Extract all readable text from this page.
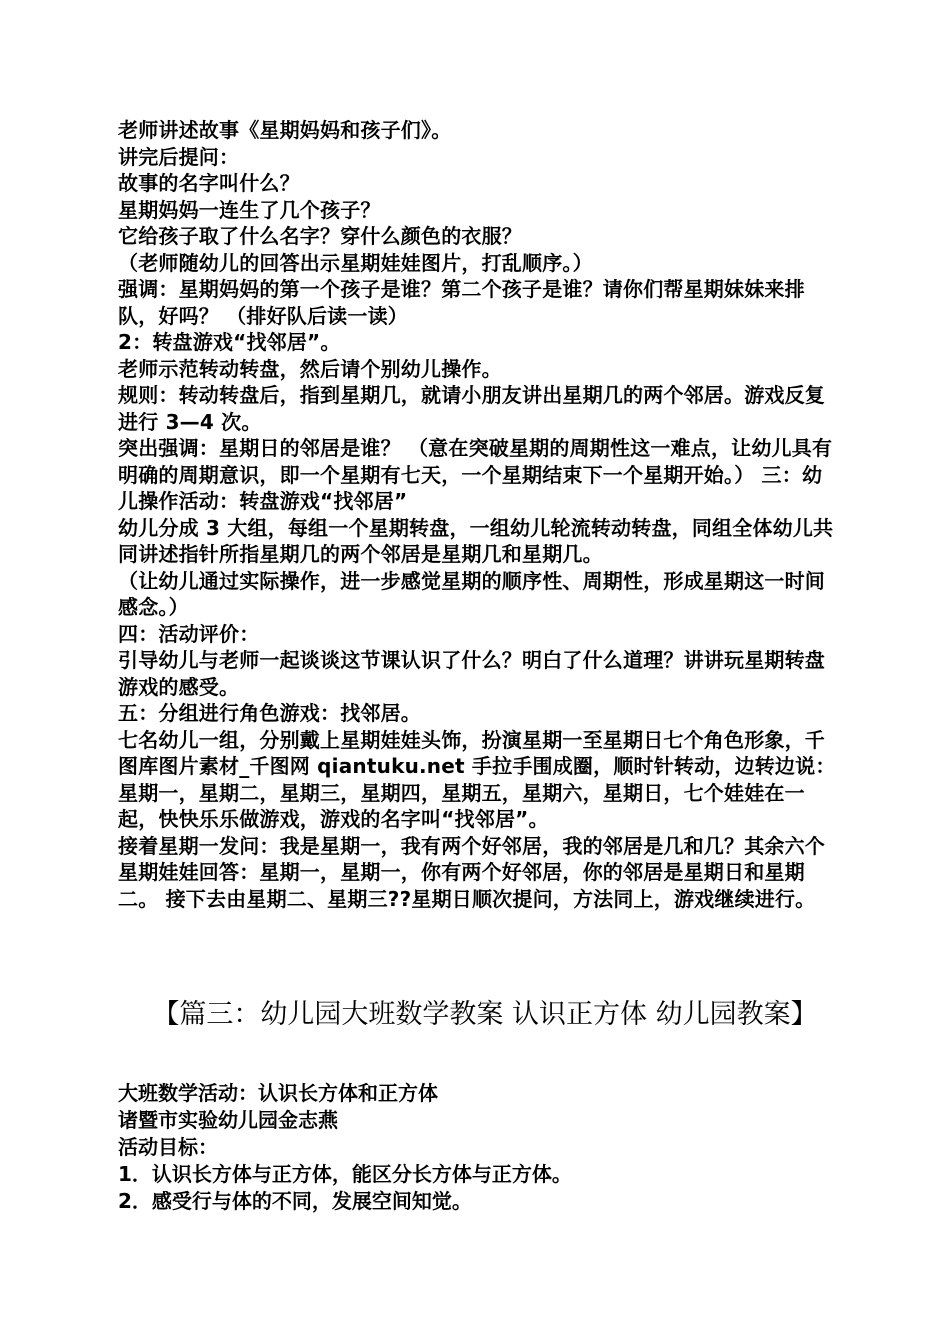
老师讲述故事《星期妈妈和孩子们》。

讲完后提问：

故事的名字叫什么？

星期妈妈一连生了几个孩子？

它给孩子取了什么名字？穿什么颜色的衣服？

（老师随幼儿的回答出示星期娃娃图片，打乱顺序。）

强调：星期妈妈的第一个孩子是谁？第二个孩子是谁？请你们帮星期妹妹来排队，好吗？ （排好队后读一读）

2：转盘游戏“找邻居”。

老师示范转动转盘，然后请个别幼儿操作。

规则：转动转盘后，指到星期几，就请小朋友讲出星期几的两个邻居。游戏反复进行 3—4 次。

突出强调：星期日的邻居是谁？ （意在突破星期的周期性这一难点，让幼儿具有明确的周期意识，即一个星期有七天，一个星期结束下一个星期开始。） 三：幼儿操作活动：转盘游戏“找邻居”

幼儿分成 3 大组，每组一个星期转盘，一组幼儿轮流转动转盘，同组全体幼儿共同讲述指针所指星期几的两个邻居是星期几和星期几。

（让幼儿通过实际操作，进一步感觉星期的顺序性、周期性，形成星期这一时间感念。）

四：活动评价：

引导幼儿与老师一起谈谈这节课认识了什么？明白了什么道理？讲讲玩星期转盘游戏的感受。

五：分组进行角色游戏：找邻居。

七名幼儿一组，分别戴上星期娃娃头饰，扮演星期一至星期日七个角色形象，千图库图片素材_千图网 qiantuku.net 手拉手围成圈，顺时针转动，边转边说：星期一，星期二，星期三，星期四，星期五，星期六，星期日，七个娃娃在一起，快快乐乐做游戏，游戏的名字叫“找邻居”。

接着星期一发问：我是星期一，我有两个好邻居，我的邻居是几和几？其余六个星期娃娃回答：星期一，星期一，你有两个好邻居，你的邻居是星期日和星期二。 接下去由星期二、星期三??星期日顺次提问，方法同上，游戏继续进行。

【篇三：幼儿园大班数学教案 认识正方体 幼儿园教案】

大班数学活动：认识长方体和正方体

诸暨市实验幼儿园金志燕

活动目标：

1．认识长方体与正方体，能区分长方体与正方体。

2．感受行与体的不同，发展空间知觉。
